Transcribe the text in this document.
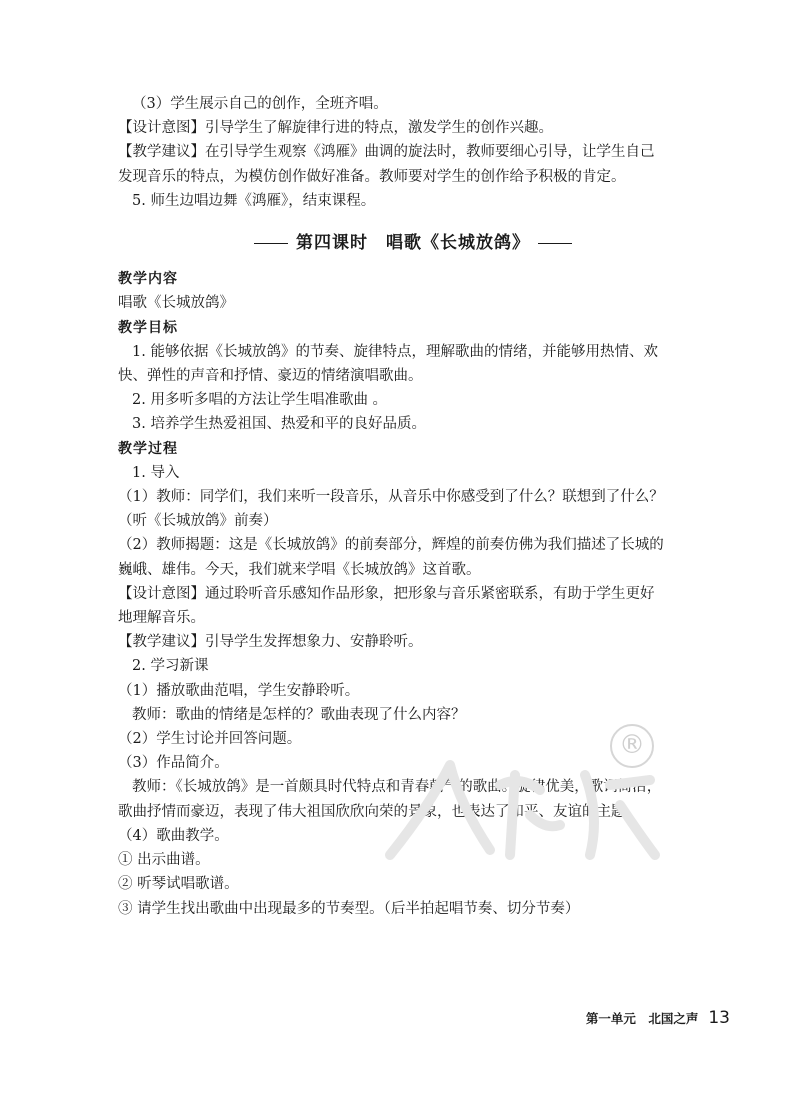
（3）学生展示自己的创作，全班齐唱。

【设计意图】引导学生了解旋律行进的特点，激发学生的创作兴趣。

【教学建议】在引导学生观察《鸿雁》曲调的旋法时，教师要细心引导，让学生自己

发现音乐的特点，为模仿创作做好准备。教师要对学生的创作给予积极的肯定。

5. 师生边唱边舞《鸿雁》，结束课程。

第四课时　唱歌《长城放鸽》

教学内容

唱歌《长城放鸽》

教学目标

1. 能够依据《长城放鸽》的节奏、旋律特点，理解歌曲的情绪，并能够用热情、欢

快、弹性的声音和抒情、豪迈的情绪演唱歌曲。

2. 用多听多唱的方法让学生唱准歌曲 。

3. 培养学生热爱祖国、热爱和平的良好品质。

教学过程

1. 导入

（1）教师：同学们，我们来听一段音乐，从音乐中你感受到了什么？联想到了什么？

（听《长城放鸽》前奏）

（2）教师揭题：这是《长城放鸽》的前奏部分，辉煌的前奏仿佛为我们描述了长城的

巍峨、雄伟。今天，我们就来学唱《长城放鸽》这首歌。

【设计意图】通过聆听音乐感知作品形象，把形象与音乐紧密联系，有助于学生更好

地理解音乐。

【教学建议】引导学生发挥想象力、安静聆听。

2. 学习新课

（1）播放歌曲范唱，学生安静聆听。

教师：歌曲的情绪是怎样的？歌曲表现了什么内容？

（2）学生讨论并回答问题。

（3）作品简介。

教师：《长城放鸽》是一首颇具时代特点和青春朝气的歌曲。旋律优美，歌词简洁，

歌曲抒情而豪迈，表现了伟大祖国欣欣向荣的景象，也表达了和平、友谊的主题。

（4）歌曲教学。

① 出示曲谱。

② 听琴试唱歌谱。

③ 请学生找出歌曲中出现最多的节奏型。（后半拍起唱节奏、切分节奏）

®
第一单元　北国之声 13
